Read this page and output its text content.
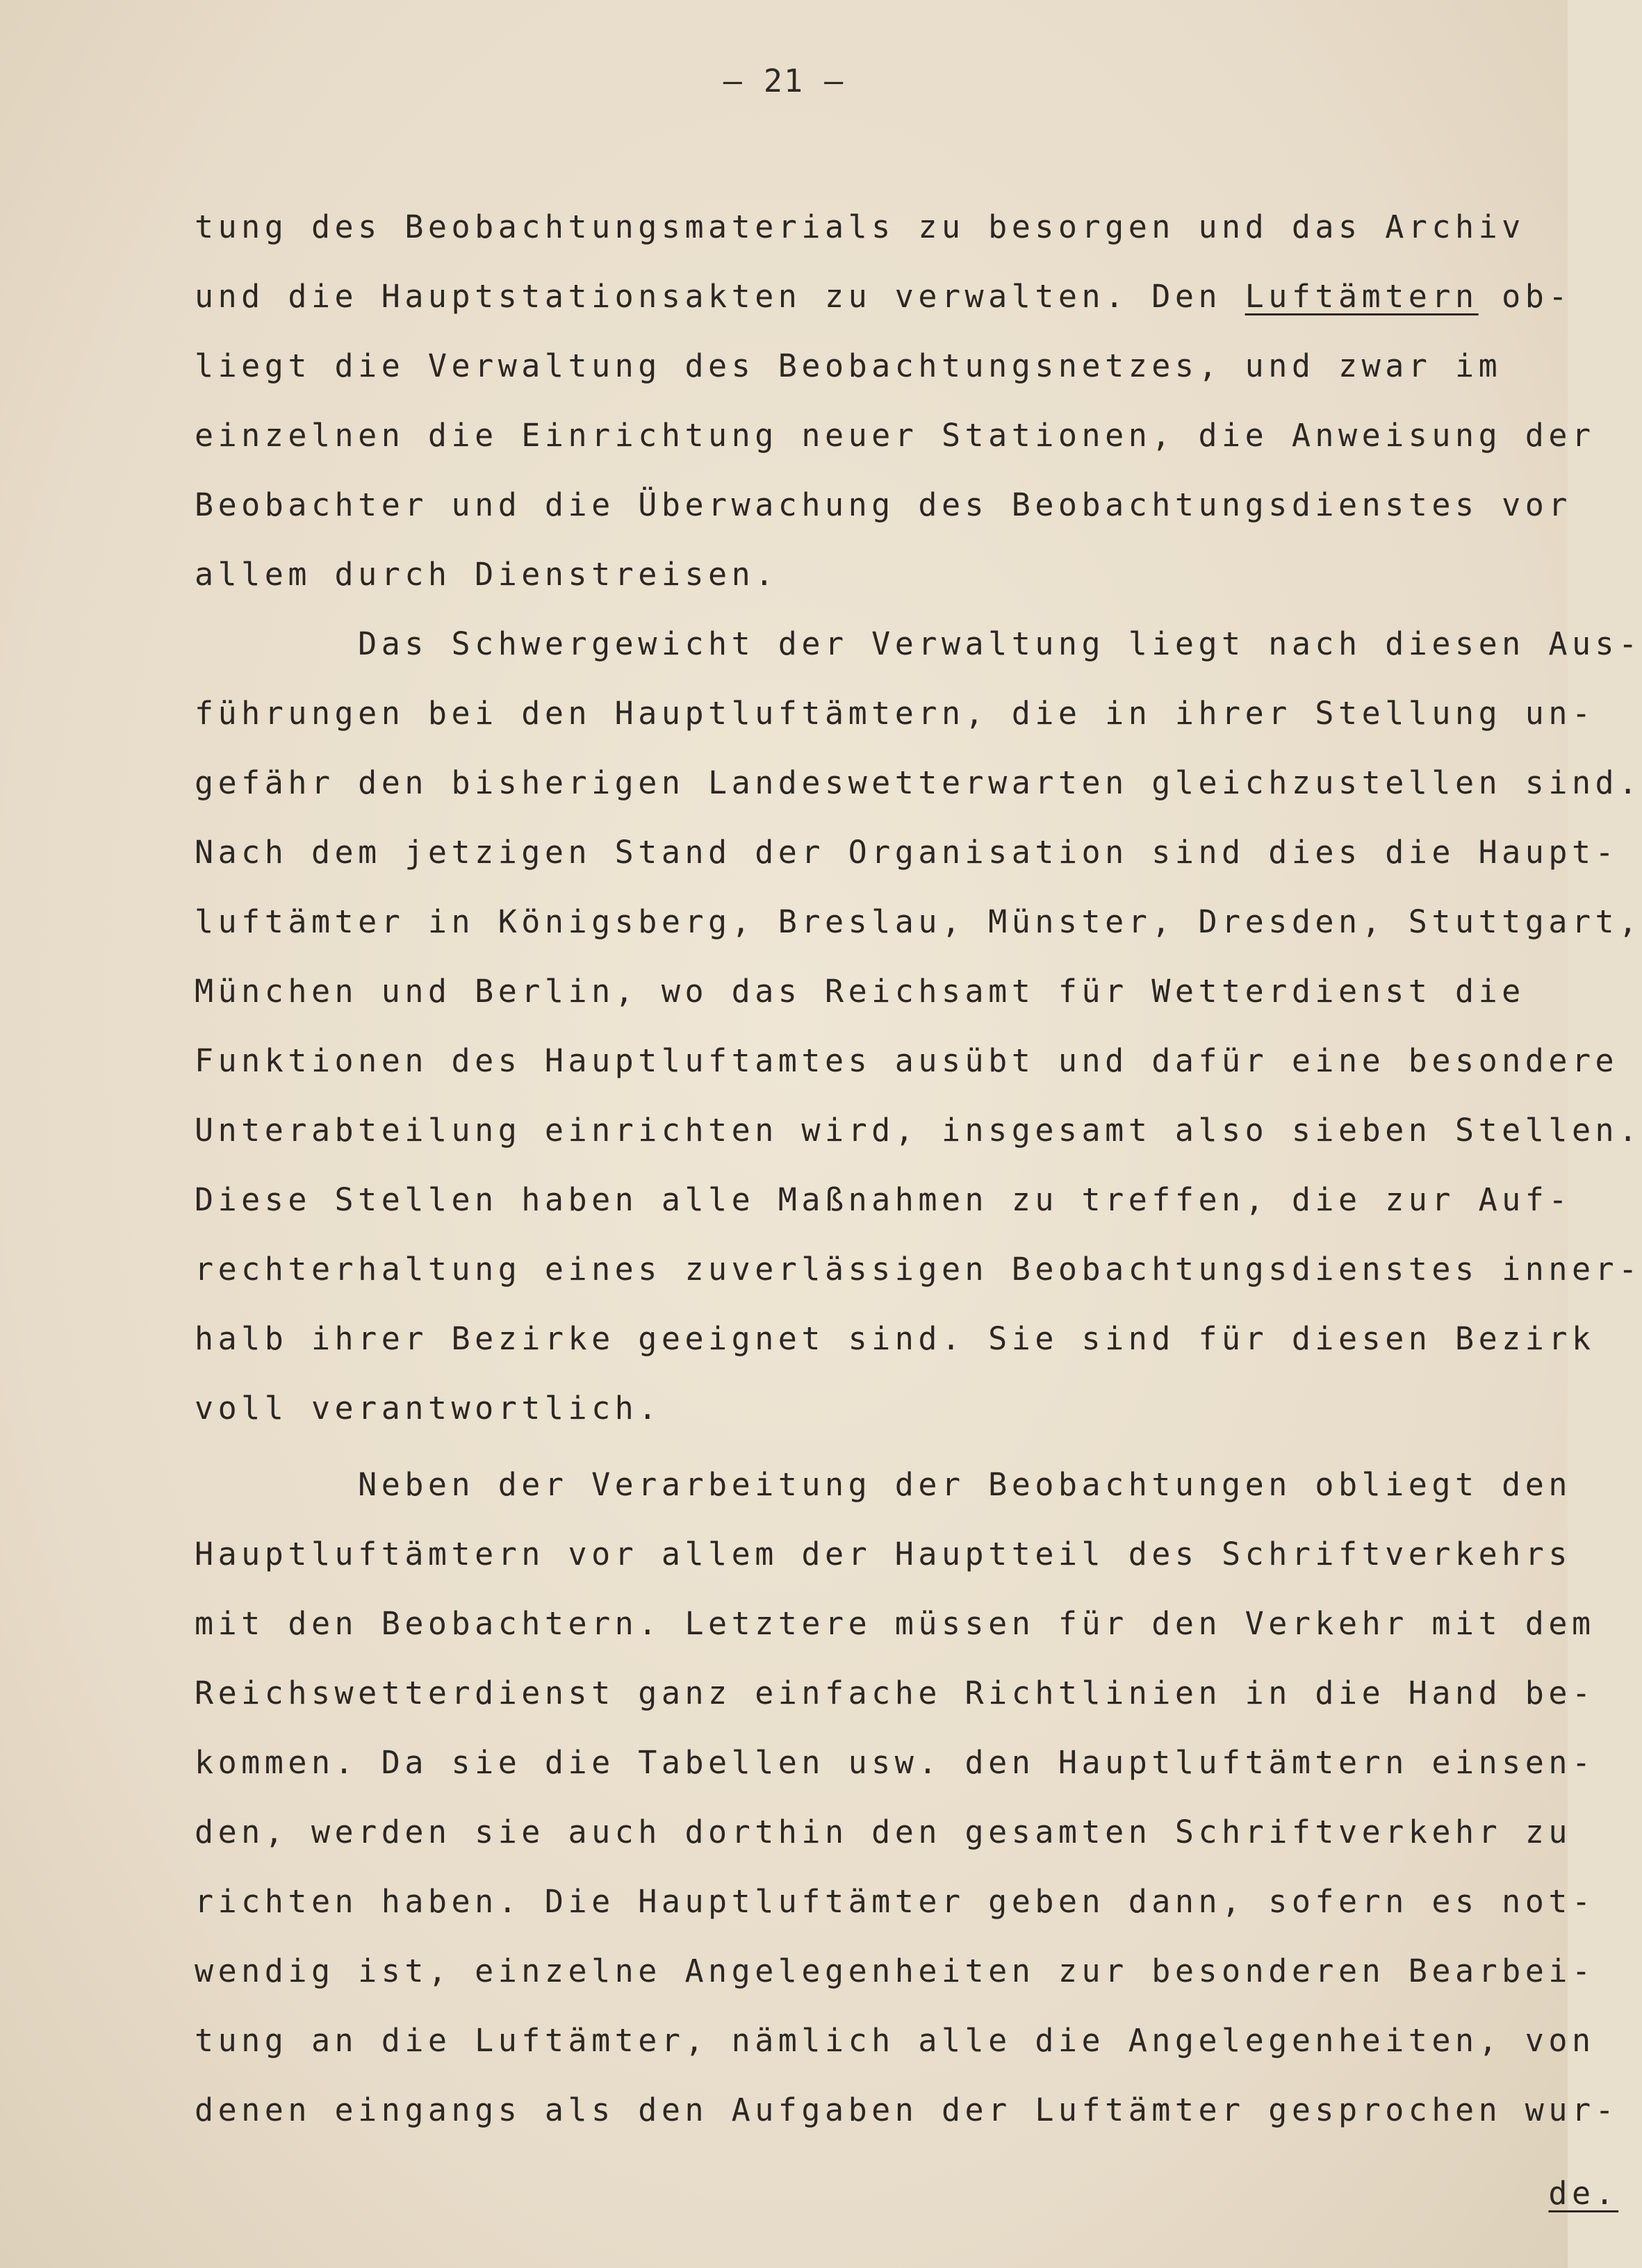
– 21 –
tung des Beobachtungsmaterials zu besorgen und das Archiv
und die Hauptstationsakten zu verwalten. Den Luftämtern ob-
liegt die Verwaltung des Beobachtungsnetzes, und zwar im
einzelnen die Einrichtung neuer Stationen, die Anweisung der
Beobachter und die Überwachung des Beobachtungsdienstes vor
allem durch Dienstreisen.
Das Schwergewicht der Verwaltung liegt nach diesen Aus-
führungen bei den Hauptluftämtern, die in ihrer Stellung un-
gefähr den bisherigen Landeswetterwarten gleichzustellen sind.
Nach dem jetzigen Stand der Organisation sind dies die Haupt-
luftämter in Königsberg, Breslau, Münster, Dresden, Stuttgart,
München und Berlin, wo das Reichsamt für Wetterdienst die
Funktionen des Hauptluftamtes ausübt und dafür eine besondere
Unterabteilung einrichten wird, insgesamt also sieben Stellen.
Diese Stellen haben alle Maßnahmen zu treffen, die zur Auf-
rechterhaltung eines zuverlässigen Beobachtungsdienstes inner-
halb ihrer Bezirke geeignet sind. Sie sind für diesen Bezirk
voll verantwortlich.
Neben der Verarbeitung der Beobachtungen obliegt den
Hauptluftämtern vor allem der Hauptteil des Schriftverkehrs
mit den Beobachtern. Letztere müssen für den Verkehr mit dem
Reichswetterdienst ganz einfache Richtlinien in die Hand be-
kommen. Da sie die Tabellen usw. den Hauptluftämtern einsen-
den, werden sie auch dorthin den gesamten Schriftverkehr zu
richten haben. Die Hauptluftämter geben dann, sofern es not-
wendig ist, einzelne Angelegenheiten zur besonderen Bearbei-
tung an die Luftämter, nämlich alle die Angelegenheiten, von
denen eingangs als den Aufgaben der Luftämter gesprochen wur-
de.
